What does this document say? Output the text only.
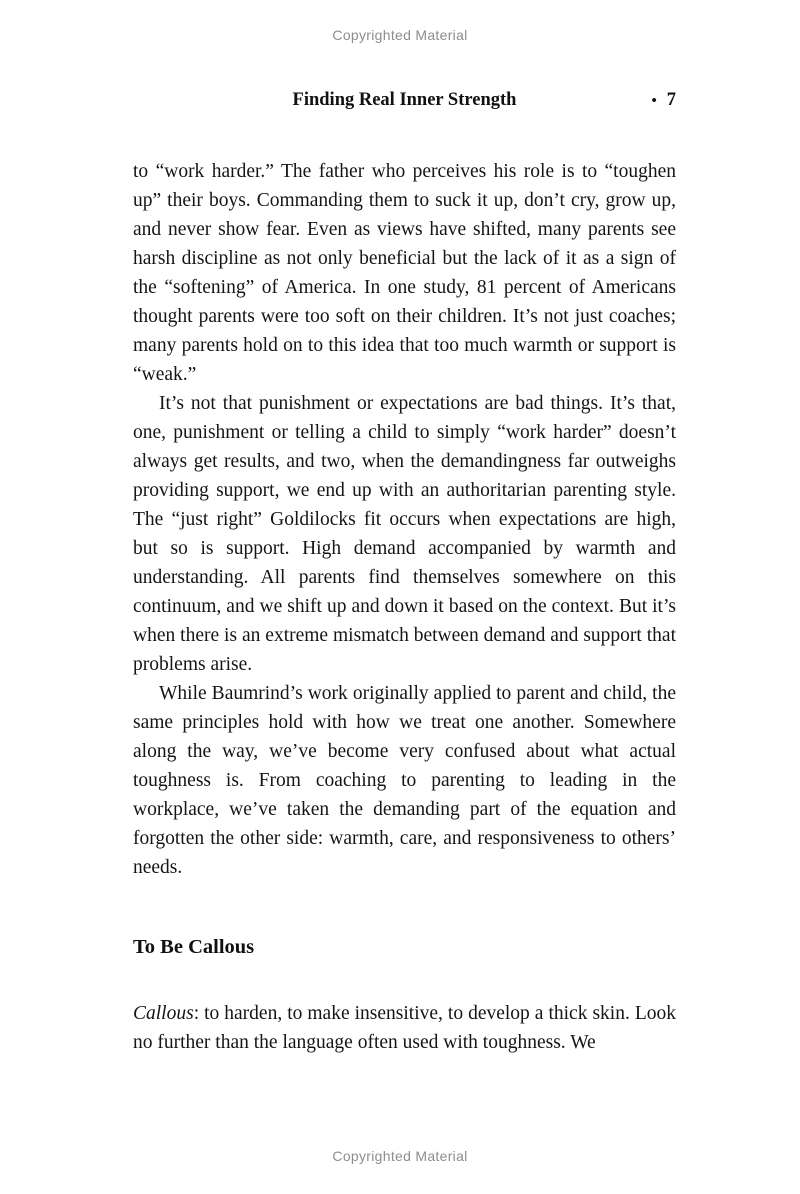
Copyrighted Material
Finding Real Inner Strength	• 7

to “work harder.” The father who perceives his role is to “toughen up” their boys. Commanding them to suck it up, don’t cry, grow up, and never show fear. Even as views have shifted, many parents see harsh discipline as not only beneficial but the lack of it as a sign of the “softening” of America. In one study, 81 percent of Americans thought parents were too soft on their children. It’s not just coaches; many parents hold on to this idea that too much warmth or support is “weak.”

It’s not that punishment or expectations are bad things. It’s that, one, punishment or telling a child to simply “work harder” doesn’t always get results, and two, when the demandingness far outweighs providing support, we end up with an authoritarian parenting style. The “just right” Goldilocks fit occurs when expectations are high, but so is support. High demand accompanied by warmth and understanding. All parents find themselves somewhere on this continuum, and we shift up and down it based on the context. But it’s when there is an extreme mismatch between demand and support that problems arise.

While Baumrind’s work originally applied to parent and child, the same principles hold with how we treat one another. Somewhere along the way, we’ve become very confused about what actual toughness is. From coaching to parenting to leading in the workplace, we’ve taken the demanding part of the equation and forgotten the other side: warmth, care, and responsiveness to others’ needs.

To Be Callous

Callous: to harden, to make insensitive, to develop a thick skin. Look no further than the language often used with toughness. We

Copyrighted Material
